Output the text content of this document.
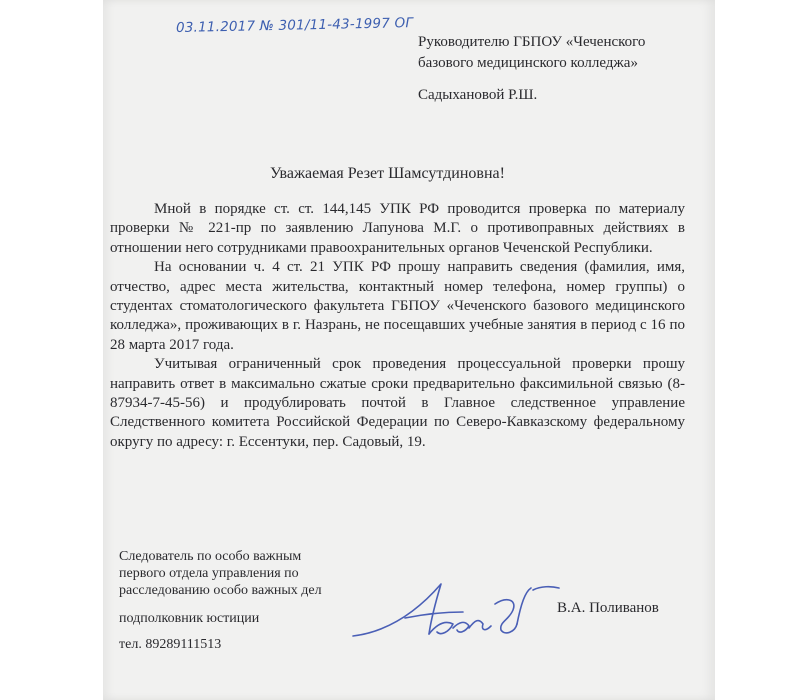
03.11.2017 № 301/11-43-1997 ОГ
Руководителю ГБПОУ «Чеченского
базового медицинского колледжа»
Садыхановой Р.Ш.
Уважаемая Резет Шамсутдиновна!

Мной в порядке ст. ст. 144,145 УПК РФ проводится проверка по материалу проверки № 221-пр по заявлению Лапунова М.Г. о противоправных действиях в отношении него сотрудниками правоохранительных органов Чеченской Республики.

На основании ч. 4 ст. 21 УПК РФ прошу направить сведения (фамилия, имя, отчество, адрес места жительства, контактный номер телефона, номер группы) о студентах стоматологического факультета ГБПОУ «Чеченского базового медицинского колледжа», проживающих в г. Назрань, не посещавших учебные занятия в период с 16 по 28 марта 2017 года.

Учитывая ограниченный срок проведения процессуальной проверки прошу направить ответ в максимально сжатые сроки предварительно факсимильной связью (8-87934-7-45-56) и продублировать почтой в Главное следственное управление Следственного комитета Российской Федерации по Северо-Кавказскому федеральному округу по адресу: г. Ессентуки, пер. Садовый, 19.

Следователь по особо важным
первого отдела управления по
расследованию особо важных дел
подполковник юстиции
тел. 89289111513
В.А. Поливанов
